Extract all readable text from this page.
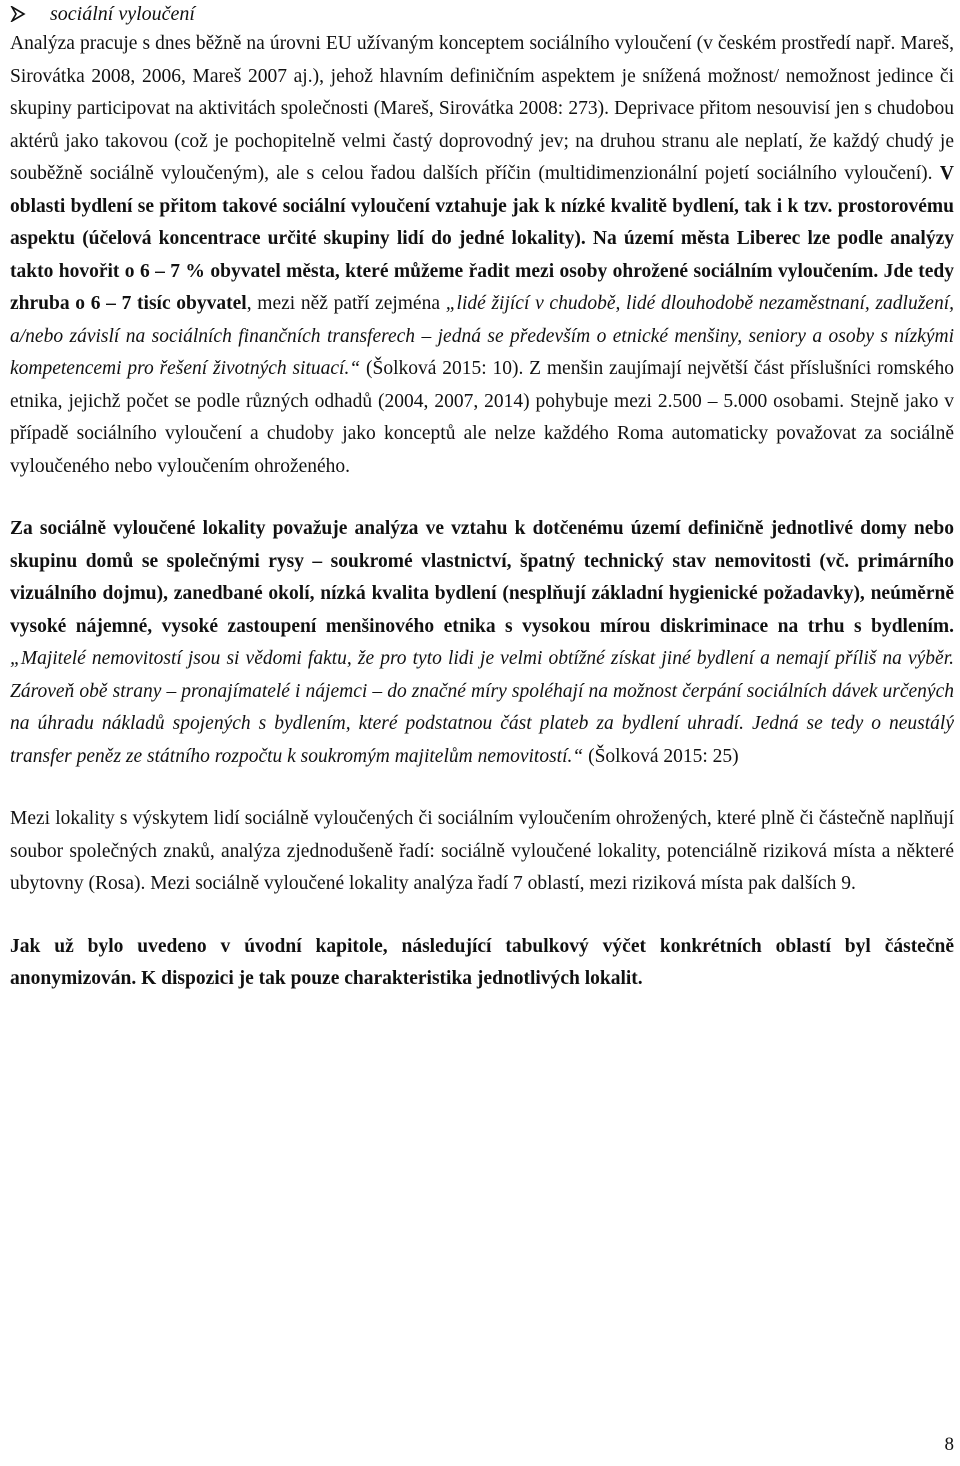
sociální vyloučení

Analýza pracuje s dnes běžně na úrovni EU užívaným konceptem sociálního vyloučení (v českém prostředí např. Mareš, Sirovátka 2008, 2006, Mareš 2007 aj.), jehož hlavním definičním aspektem je snížená možnost/ nemožnost jedince či skupiny participovat na aktivitách společnosti (Mareš, Sirovátka 2008: 273). Deprivace přitom nesouvisí jen s chudobou aktérů jako takovou (což je pochopitelně velmi častý doprovodný jev; na druhou stranu ale neplatí, že každý chudý je souběžně sociálně vyloučeným), ale s celou řadou dalších příčin (multidimenzionální pojetí sociálního vyloučení). V oblasti bydlení se přitom takové sociální vyloučení vztahuje jak k nízké kvalitě bydlení, tak i k tzv. prostorovému aspektu (účelová koncentrace určité skupiny lidí do jedné lokality). Na území města Liberec lze podle analýzy takto hovořit o 6 – 7 % obyvatel města, které můžeme řadit mezi osoby ohrožené sociálním vyloučením. Jde tedy zhruba o 6 – 7 tisíc obyvatel, mezi něž patří zejména „lidé žijící v chudobě, lidé dlouhodobě nezaměstnaní, zadlužení, a/nebo závislí na sociálních finančních transferech – jedná se především o etnické menšiny, seniory a osoby s nízkými kompetencemi pro řešení životných situací.“ (Šolková 2015: 10). Z menšin zaujímají největší část příslušníci romského etnika, jejichž počet se podle různých odhadů (2004, 2007, 2014) pohybuje mezi 2.500 – 5.000 osobami. Stejně jako v případě sociálního vyloučení a chudoby jako konceptů ale nelze každého Roma automaticky považovat za sociálně vyloučeného nebo vyloučením ohroženého.

Za sociálně vyloučené lokality považuje analýza ve vztahu k dotčenému území definičně jednotlivé domy nebo skupinu domů se společnými rysy – soukromé vlastnictví, špatný technický stav nemovitosti (vč. primárního vizuálního dojmu), zanedbané okolí, nízká kvalita bydlení (nesplňují základní hygienické požadavky), neúměrně vysoké nájemné, vysoké zastoupení menšinového etnika s vysokou mírou diskriminace na trhu s bydlením. „Majitelé nemovitostí jsou si vědomi faktu, že pro tyto lidi je velmi obtížné získat jiné bydlení a nemají příliš na výběr. Zároveň obě strany – pronajímatelé i nájemci – do značné míry spoléhají na možnost čerpání sociálních dávek určených na úhradu nákladů spojených s bydlením, které podstatnou část plateb za bydlení uhradí. Jedná se tedy o neustálý transfer peněz ze státního rozpočtu k soukromým majitelům nemovitostí.“ (Šolková 2015: 25)

Mezi lokality s výskytem lidí sociálně vyloučených či sociálním vyloučením ohrožených, které plně či částečně naplňují soubor společných znaků, analýza zjednodušeně řadí: sociálně vyloučené lokality, potenciálně riziková místa a některé ubytovny (Rosa). Mezi sociálně vyloučené lokality analýza řadí 7 oblastí, mezi riziková místa pak dalších 9.

Jak už bylo uvedeno v úvodní kapitole, následující tabulkový výčet konkrétních oblastí byl částečně anonymizován. K dispozici je tak pouze charakteristika jednotlivých lokalit.

8
